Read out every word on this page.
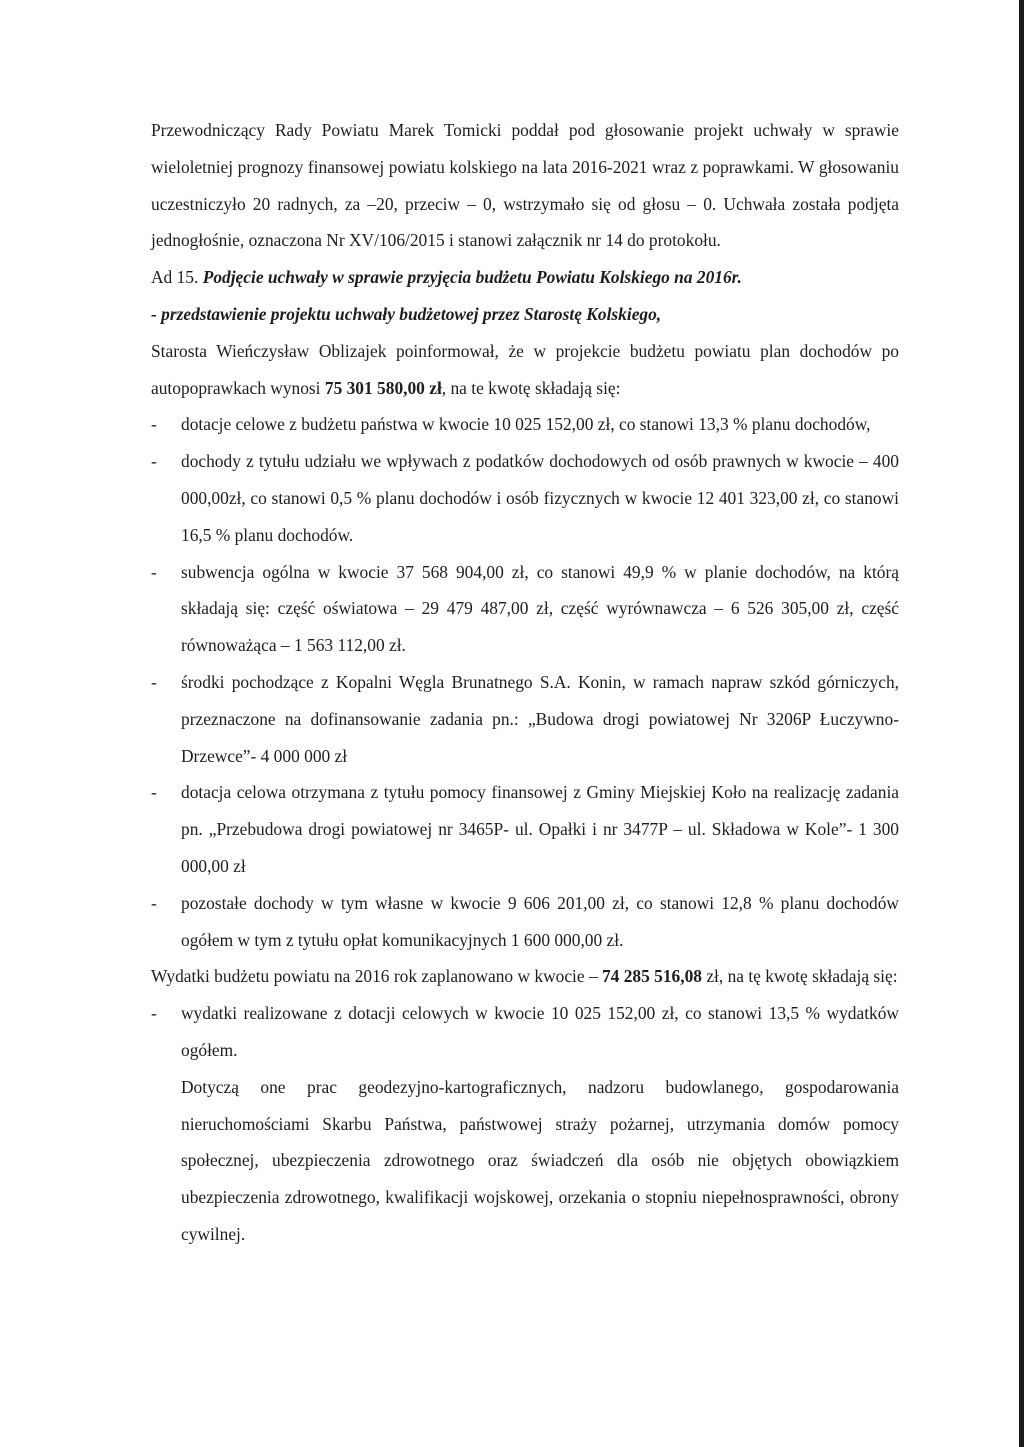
Przewodniczący Rady Powiatu Marek Tomicki poddał pod głosowanie projekt uchwały w sprawie wieloletniej prognozy finansowej powiatu kolskiego na lata 2016-2021 wraz z poprawkami. W głosowaniu uczestniczyło 20 radnych, za –20, przeciw – 0, wstrzymało się od głosu – 0. Uchwała została podjęta jednogłośnie, oznaczona Nr XV/106/2015 i stanowi załącznik nr 14 do protokołu.

Ad 15. Podjęcie uchwały w sprawie przyjęcia budżetu Powiatu Kolskiego na 2016r.

- przedstawienie projektu uchwały budżetowej przez Starostę Kolskiego,

Starosta Wieńczysław Oblizajek poinformował, że w projekcie budżetu powiatu plan dochodów po autopoprawkach wynosi 75 301 580,00 zł, na te kwotę składają się:

- dotacje celowe z budżetu państwa w kwocie 10 025 152,00 zł, co stanowi 13,3 % planu dochodów,

- dochody z tytułu udziału we wpływach z podatków dochodowych od osób prawnych w kwocie – 400 000,00zł, co stanowi 0,5 % planu dochodów i osób fizycznych w kwocie 12 401 323,00 zł, co stanowi 16,5 % planu dochodów.

- subwencja ogólna w kwocie 37 568 904,00 zł, co stanowi 49,9 % w planie dochodów, na którą składają się: część oświatowa – 29 479 487,00 zł, część wyrównawcza – 6 526 305,00 zł, część równoważąca – 1 563 112,00 zł.

- środki pochodzące z Kopalni Węgla Brunatnego S.A. Konin, w ramach napraw szkód górniczych, przeznaczone na dofinansowanie zadania pn.: „Budowa drogi powiatowej Nr 3206P Łuczywno- Drzewce”- 4 000 000 zł

- dotacja celowa otrzymana z tytułu pomocy finansowej z Gminy Miejskiej Koło na realizację zadania pn. „Przebudowa drogi powiatowej nr 3465P- ul. Opałki i nr 3477P – ul. Składowa w Kole”- 1 300 000,00 zł

- pozostałe dochody w tym własne w kwocie 9 606 201,00 zł, co stanowi 12,8 % planu dochodów ogółem w tym z tytułu opłat komunikacyjnych 1 600 000,00 zł.

Wydatki budżetu powiatu na 2016 rok zaplanowano w kwocie – 74 285 516,08 zł, na tę kwotę składają się:

- wydatki realizowane z dotacji celowych w kwocie 10 025 152,00 zł, co stanowi 13,5 % wydatków ogółem.

Dotyczą one prac geodezyjno-kartograficznych, nadzoru budowlanego, gospodarowania nieruchomościami Skarbu Państwa, państwowej straży pożarnej, utrzymania domów pomocy społecznej, ubezpieczenia zdrowotnego oraz świadczeń dla osób nie objętych obowiązkiem ubezpieczenia zdrowotnego, kwalifikacji wojskowej, orzekania o stopniu niepełnosprawności, obrony cywilnej.
